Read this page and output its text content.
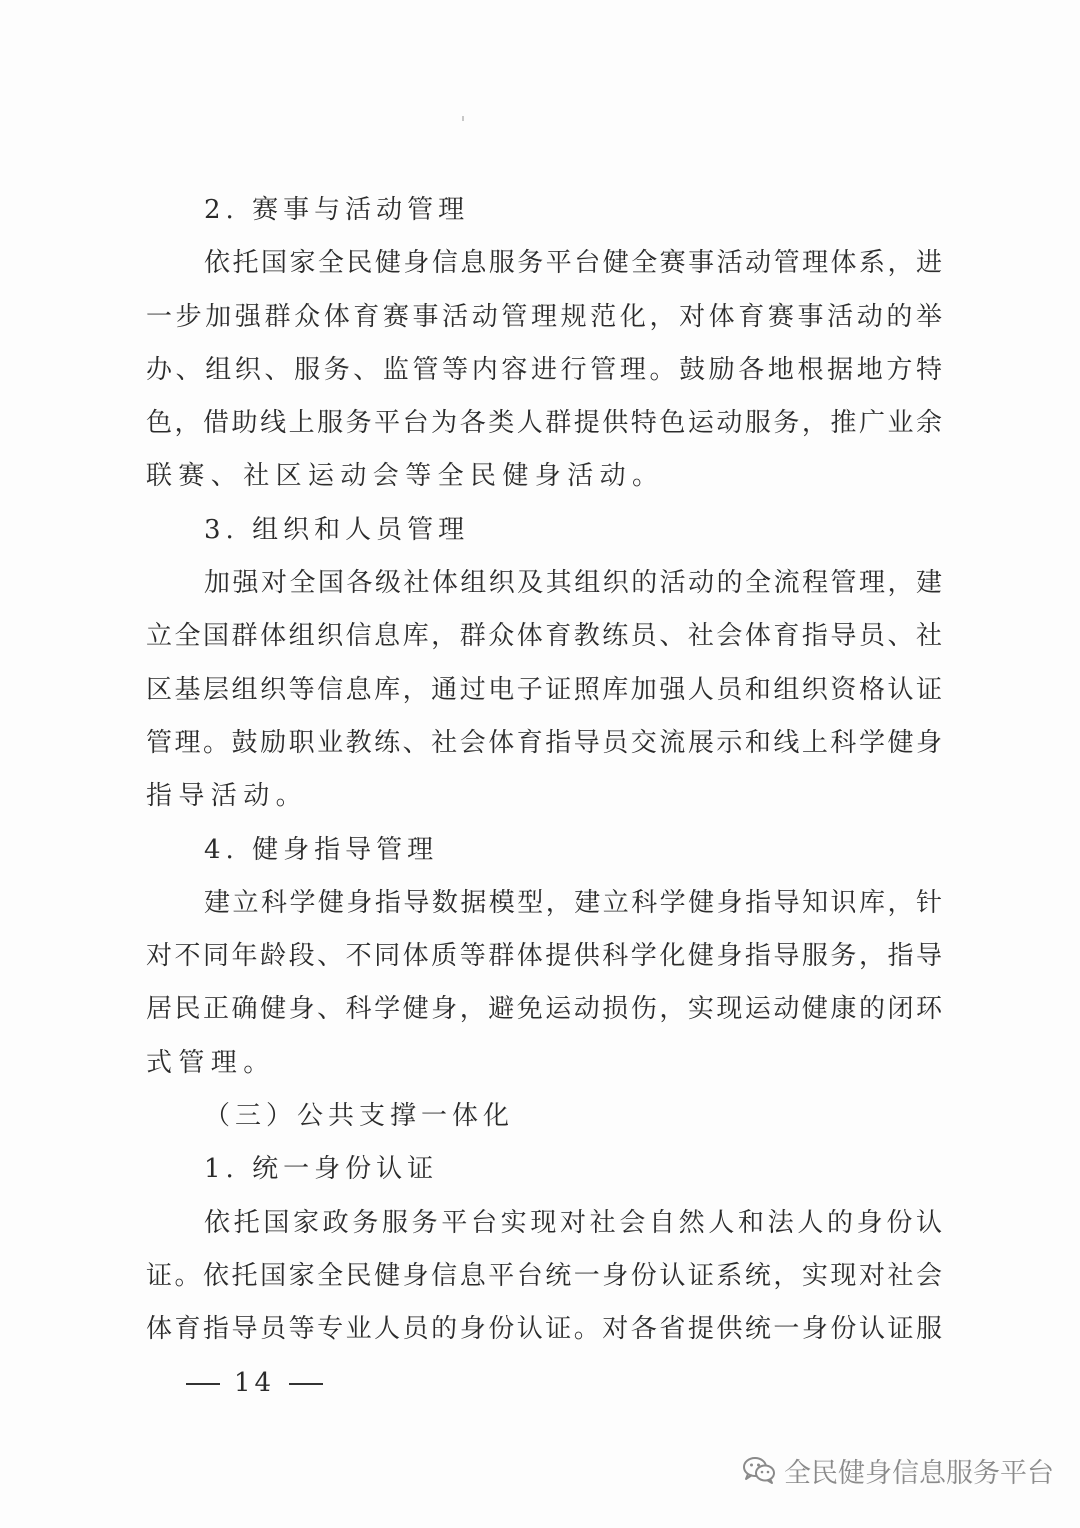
2. 赛事与活动管理
依托国家全民健身信息服务平台健全赛事活动管理体系，进
一步加强群众体育赛事活动管理规范化，对体育赛事活动的举
办、组织、服务、监管等内容进行管理。鼓励各地根据地方特
色，借助线上服务平台为各类人群提供特色运动服务，推广业余
联赛、社区运动会等全民健身活动。
3. 组织和人员管理
加强对全国各级社体组织及其组织的活动的全流程管理，建
立全国群体组织信息库，群众体育教练员、社会体育指导员、社
区基层组织等信息库，通过电子证照库加强人员和组织资格认证
管理。鼓励职业教练、社会体育指导员交流展示和线上科学健身
指导活动。
4. 健身指导管理
建立科学健身指导数据模型，建立科学健身指导知识库，针
对不同年龄段、不同体质等群体提供科学化健身指导服务，指导
居民正确健身、科学健身，避免运动损伤，实现运动健康的闭环
式管理。
（三）公共支撑一体化
1. 统一身份认证
依托国家政务服务平台实现对社会自然人和法人的身份认
证。依托国家全民健身信息平台统一身份认证系统，实现对社会
体育指导员等专业人员的身份认证。对各省提供统一身份认证服
14
全民健身信息服务平台
